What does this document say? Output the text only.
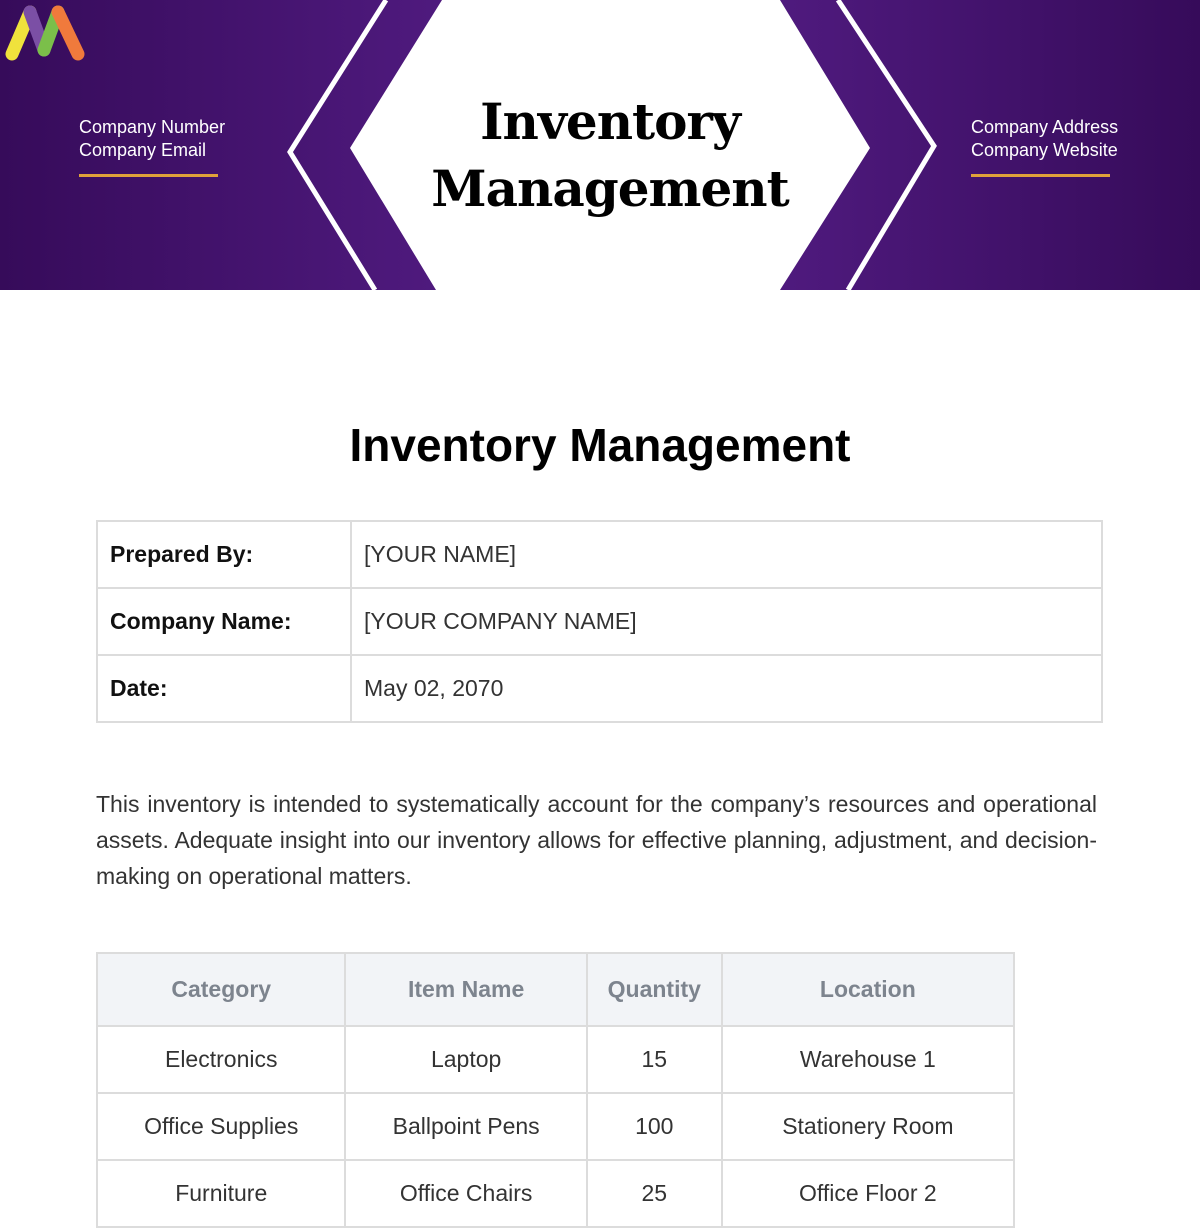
Company Number
Company Email
Company Address
Company Website
Inventory
Management
Inventory Management
Prepared By:	[YOUR NAME]
Company Name:	[YOUR COMPANY NAME]
Date:	May 02, 2070

This inventory is intended to systematically account for the company’s resources and operational assets. Adequate insight into our inventory allows for effective planning, adjustment, and decision-making on operational matters.

Category	Item Name	Quantity	Location
Electronics	Laptop	15	Warehouse 1
Office Supplies	Ballpoint Pens	100	Stationery Room
Furniture	Office Chairs	25	Office Floor 2
